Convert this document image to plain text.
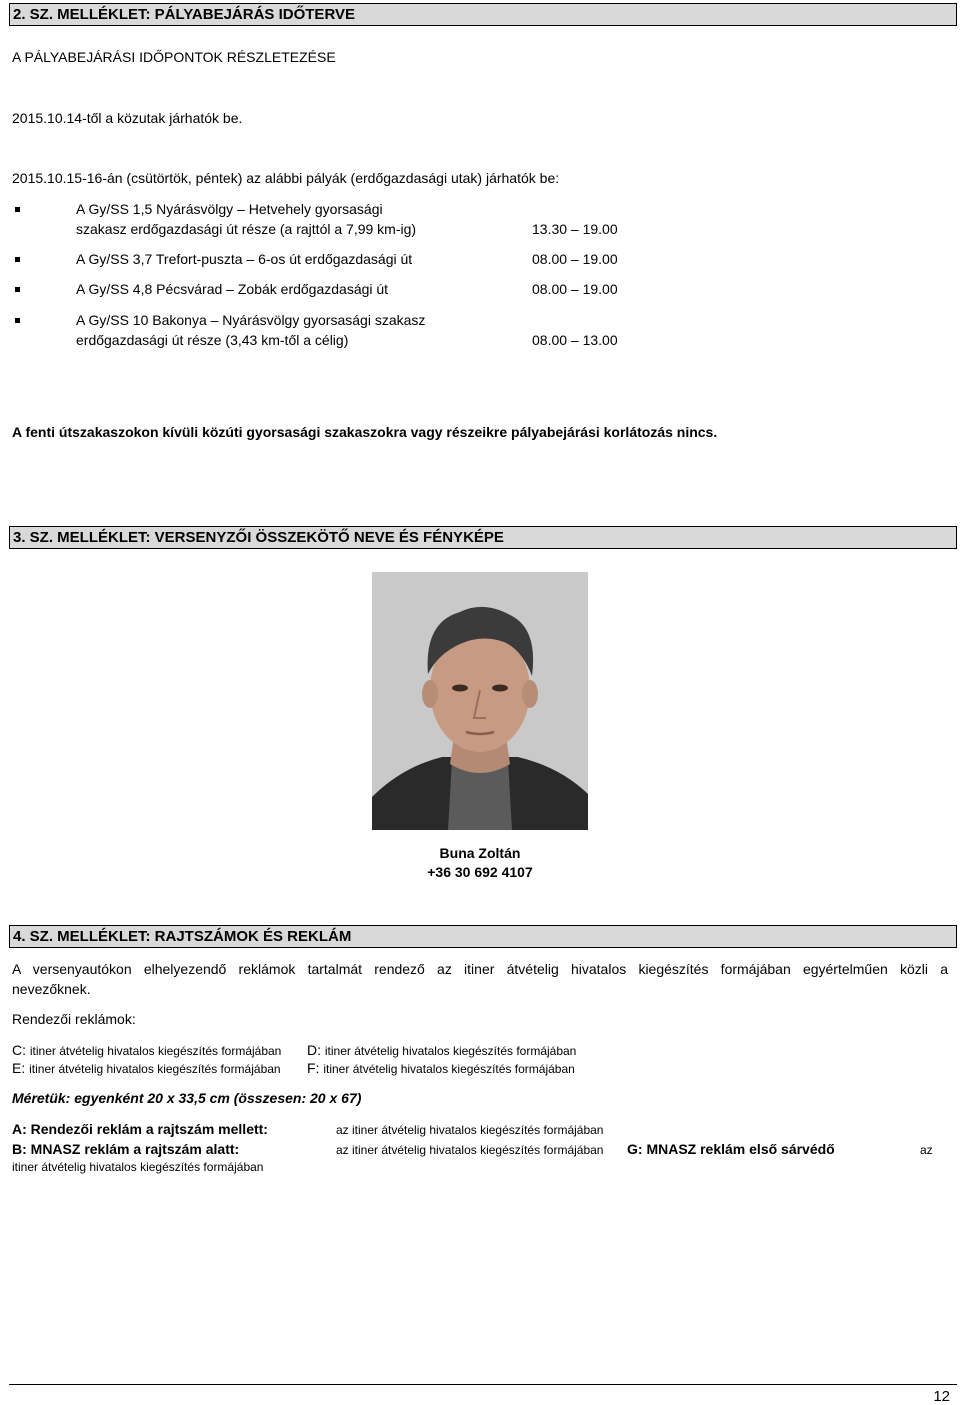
2. SZ. MELLÉKLET: PÁLYABEJÁRÁS IDŐTERVE
A PÁLYABEJÁRÁSI IDŐPONTOK RÉSZLETEZÉSE
2015.10.14-től a közutak járhatók be.
2015.10.15-16-án (csütörtök, péntek) az alábbi pályák (erdőgazdasági utak) járhatók be:
A Gy/SS 1,5 Nyárásvölgy – Hetvehely gyorsasági
szakasz erdőgazdasági út része (a rajttól a 7,99 km-ig)	13.30 – 19.00
A Gy/SS 3,7 Trefort-puszta – 6-os út erdőgazdasági út	08.00 – 19.00
A Gy/SS 4,8 Pécsvárad – Zobák erdőgazdasági út	08.00 – 19.00
A Gy/SS 10 Bakonya – Nyárásvölgy gyorsasági szakasz
erdőgazdasági út része (3,43 km-től a célig)	08.00 – 13.00
A fenti útszakaszokon kívüli közúti gyorsasági szakaszokra vagy részeikre pályabejárási korlátozás nincs.
3. SZ. MELLÉKLET: VERSENYZŐI ÖSSZEKÖTŐ NEVE ÉS FÉNYKÉPE
Buna Zoltán
+36 30 692 4107
4. SZ. MELLÉKLET: RAJTSZÁMOK ÉS REKLÁM
A versenyautókon elhelyezendő reklámok tartalmát rendező az itiner átvételig hivatalos kiegészítés formájában egyértelműen közli a
nevezőknek.
Rendezői reklámok:
C: itiner átvételig hivatalos kiegészítés formájában D: itiner átvételig hivatalos kiegészítés formájában
E: itiner átvételig hivatalos kiegészítés formájában F: itiner átvételig hivatalos kiegészítés formájában
Méretük: egyenként 20 x 33,5 cm (összesen: 20 x 67)
A: Rendezői reklám a rajtszám mellett:	az itiner átvételig hivatalos kiegészítés formájában
B: MNASZ reklám a rajtszám alatt:	az itiner átvételig hivatalos kiegészítés formájában G: MNASZ reklám első sárvédő	az
itiner átvételig hivatalos kiegészítés formájában
12
